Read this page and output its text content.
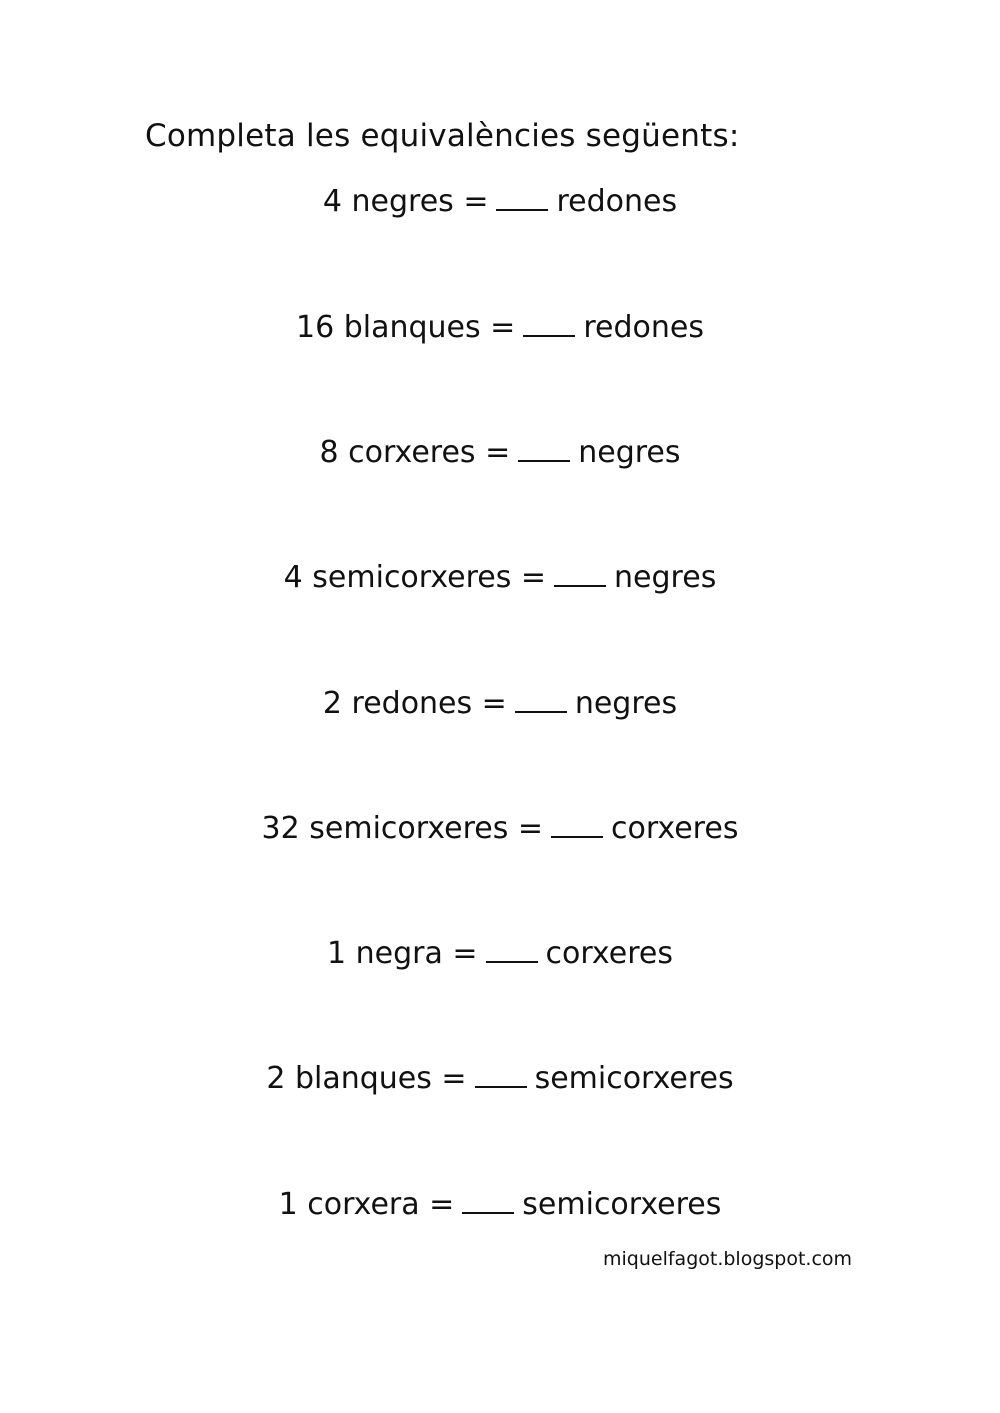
Completa les equivalències següents:
4 negres = redones
16 blanques = redones
8 corxeres = negres
4 semicorxeres = negres
2 redones = negres
32 semicorxeres = corxeres
1 negra = corxeres
2 blanques = semicorxeres
1 corxera = semicorxeres
miquelfagot.blogspot.com
